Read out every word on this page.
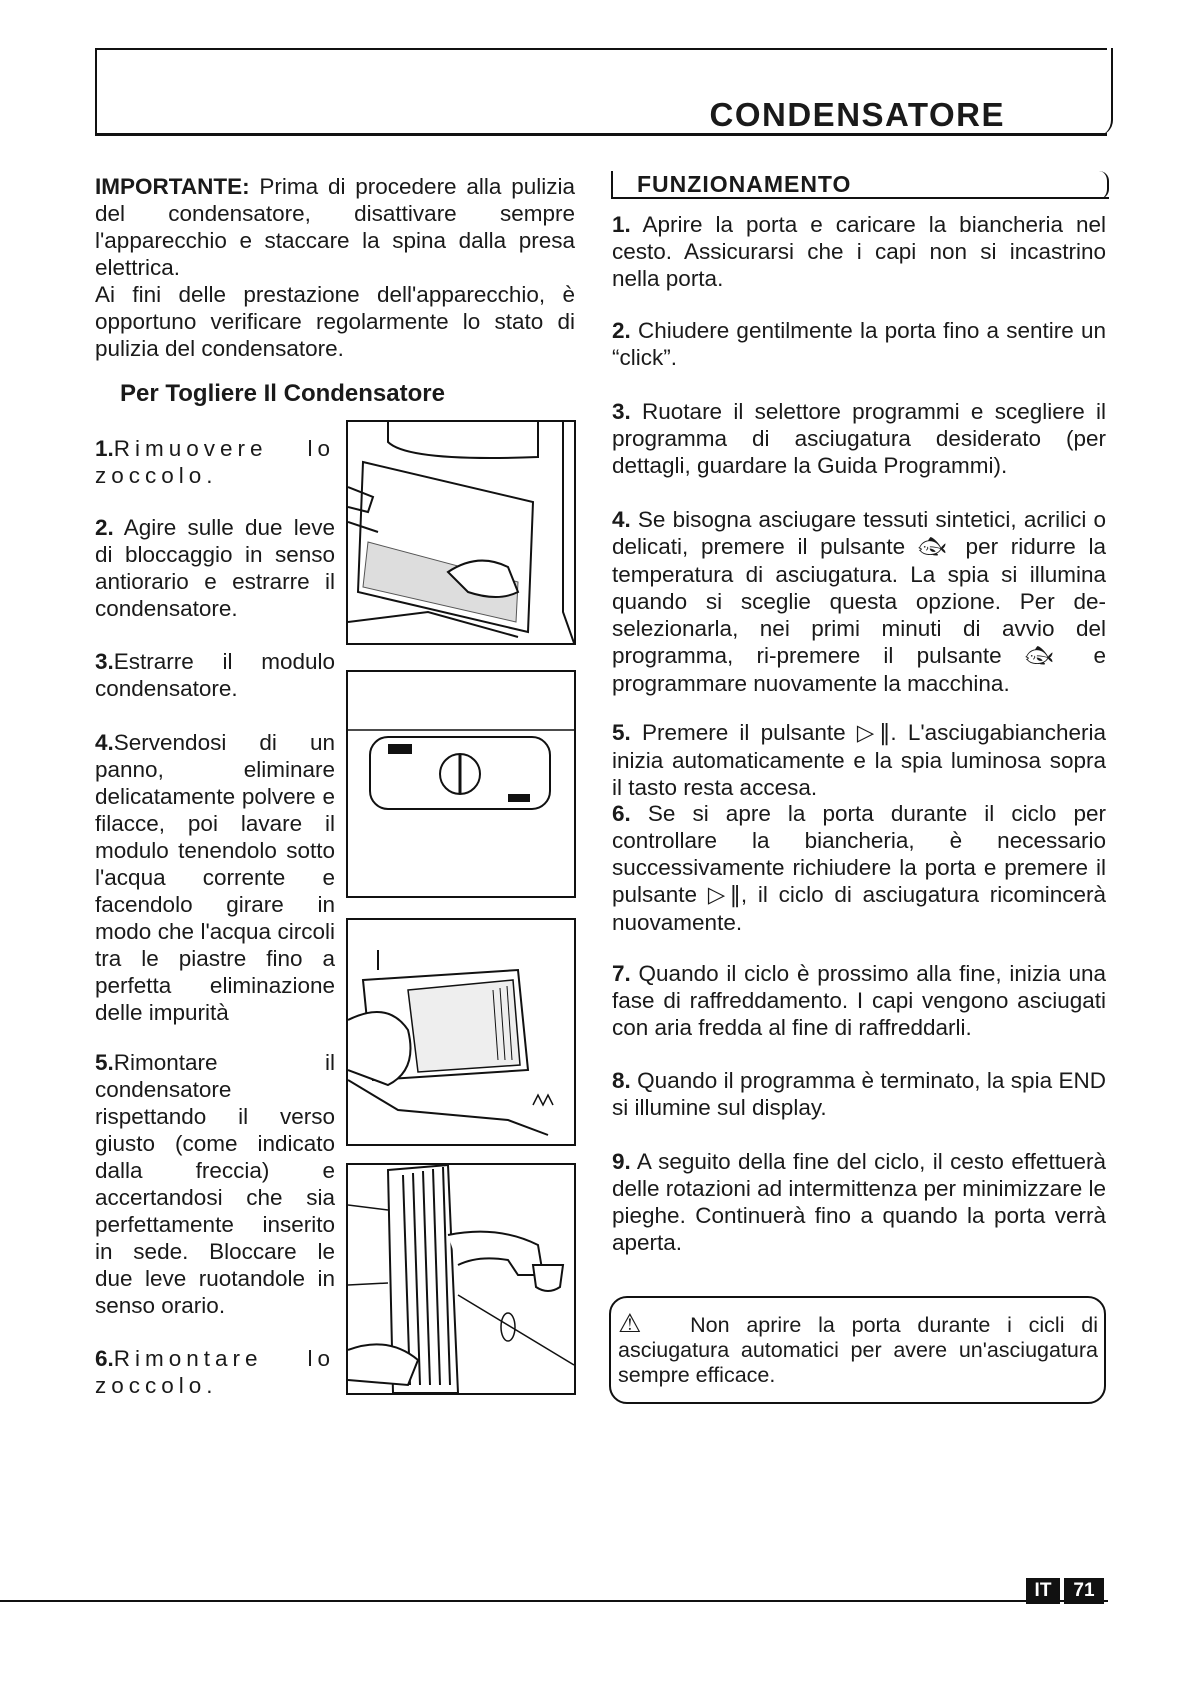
CONDENSATORE
IMPORTANTE: Prima di procedere alla pulizia del condensatore, disattivare sempre l'apparecchio e staccare la spina dalla presa elettrica.
Ai fini delle prestazione dell'apparecchio, è opportuno verificare regolarmente lo stato di pulizia del condensatore.
Per Togliere Il Condensatore
1.Rimuovere lo zoccolo.
2. Agire sulle due leve di bloccaggio in senso antiorario e estrarre il condensatore.
3.Estrarre il modulo condensatore.
4.Servendosi di un panno, eliminare delicatamente polvere e filacce, poi lavare il modulo tenendolo sotto l'acqua corrente e facendolo girare in modo che l'acqua circoli tra le piastre fino a perfetta eliminazione delle impurità
5.Rimontare il condensatore rispettando il verso giusto (come indicato dalla freccia) e accertandosi che sia perfettamente inserito in sede. Bloccare le due leve ruotandole in senso orario.
6.Rimontare lo zoccolo.
FUNZIONAMENTO
1. Aprire la porta e caricare la biancheria nel cesto. Assicurarsi che i capi non si incastrino nella porta.
2. Chiudere gentilmente la porta fino a sentire un “click”.
3. Ruotare il selettore programmi e scegliere il programma di asciugatura desiderato (per dettagli, guardare la Guida Programmi).
4. Se bisogna asciugare tessuti sintetici, acrilici o delicati, premere il pulsante 🐟︎ per ridurre la temperatura di asciugatura. La spia si illumina quando si sceglie questa opzione. Per de-selezionarla, nei primi minuti di avvio del programma, ri-premere il pulsante 🐟︎ e programmare nuovamente la macchina.
5. Premere il pulsante ▷‖. L'asciugabiancheria inizia automaticamente e la spia luminosa sopra il tasto resta accesa.
6. Se si apre la porta durante il ciclo per controllare la biancheria, è necessario successivamente richiudere la porta e premere il pulsante ▷‖, il ciclo di asciugatura ricomincerà nuovamente.
7. Quando il ciclo è prossimo alla fine, inizia una fase di raffreddamento. I capi vengono asciugati con aria fredda al fine di raffreddarli.
8. Quando il programma è terminato, la spia END si illumine sul display.
9. A seguito della fine del ciclo, il cesto effettuerà delle rotazioni ad intermittenza per minimizzare le pieghe. Continuerà fino a quando la porta verrà aperta.
⚠︎ Non aprire la porta durante i cicli di asciugatura automatici per avere un'asciugatura sempre efficace.
IT	71
